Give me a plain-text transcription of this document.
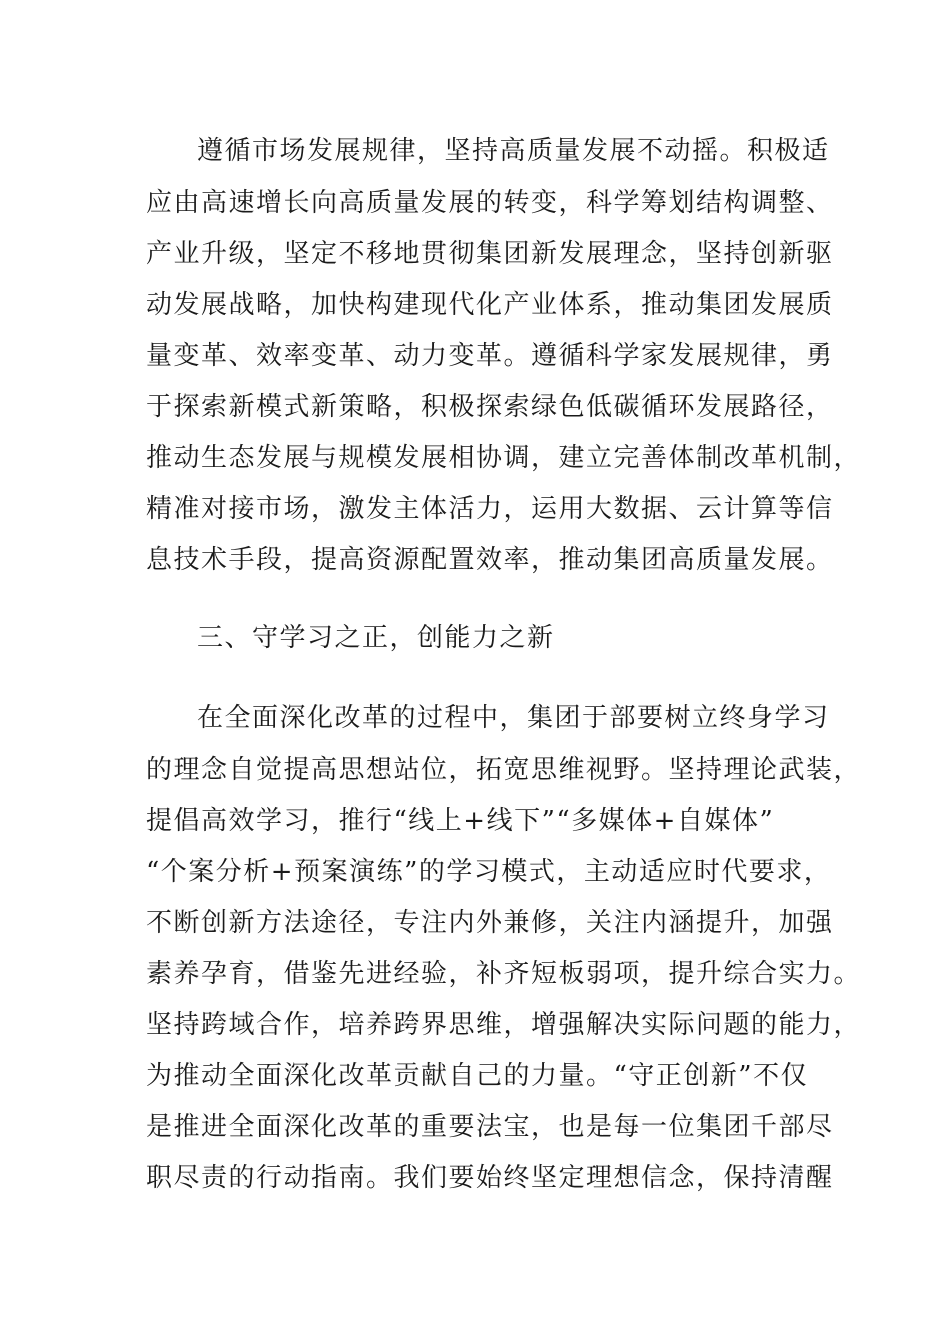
遵循市场发展规律，坚持高质量发展不动摇。积极适
应由高速增长向高质量发展的转变，科学筹划结构调整、
产业升级，坚定不移地贯彻集团新发展理念，坚持创新驱
动发展战略，加快构建现代化产业体系，推动集团发展质
量变革、效率变革、动力变革。遵循科学家发展规律，勇
于探索新模式新策略，积极探索绿色低碳循环发展路径，
推动生态发展与规模发展相协调，建立完善体制改革机制，
精准对接市场，激发主体活力，运用大数据、云计算等信
息技术手段，提高资源配置效率，推动集团高质量发展。
三、守学习之正，创能力之新
在全面深化改革的过程中，集团于部要树立终身学习
的理念自觉提高思想站位，拓宽思维视野。坚持理论武装，
提倡高效学习，推行“线上+线下”“多媒体+自媒体”
“个案分析+预案演练”的学习模式，主动适应时代要求，
不断创新方法途径，专注内外兼修，关注内涵提升，加强
素养孕育，借鉴先进经验，补齐短板弱项，提升综合实力。
坚持跨域合作，培养跨界思维，增强解决实际问题的能力，
为推动全面深化改革贡献自己的力量。“守正创新”不仅
是推进全面深化改革的重要法宝，也是每一位集团千部尽
职尽责的行动指南。我们要始终坚定理想信念，保持清醒
